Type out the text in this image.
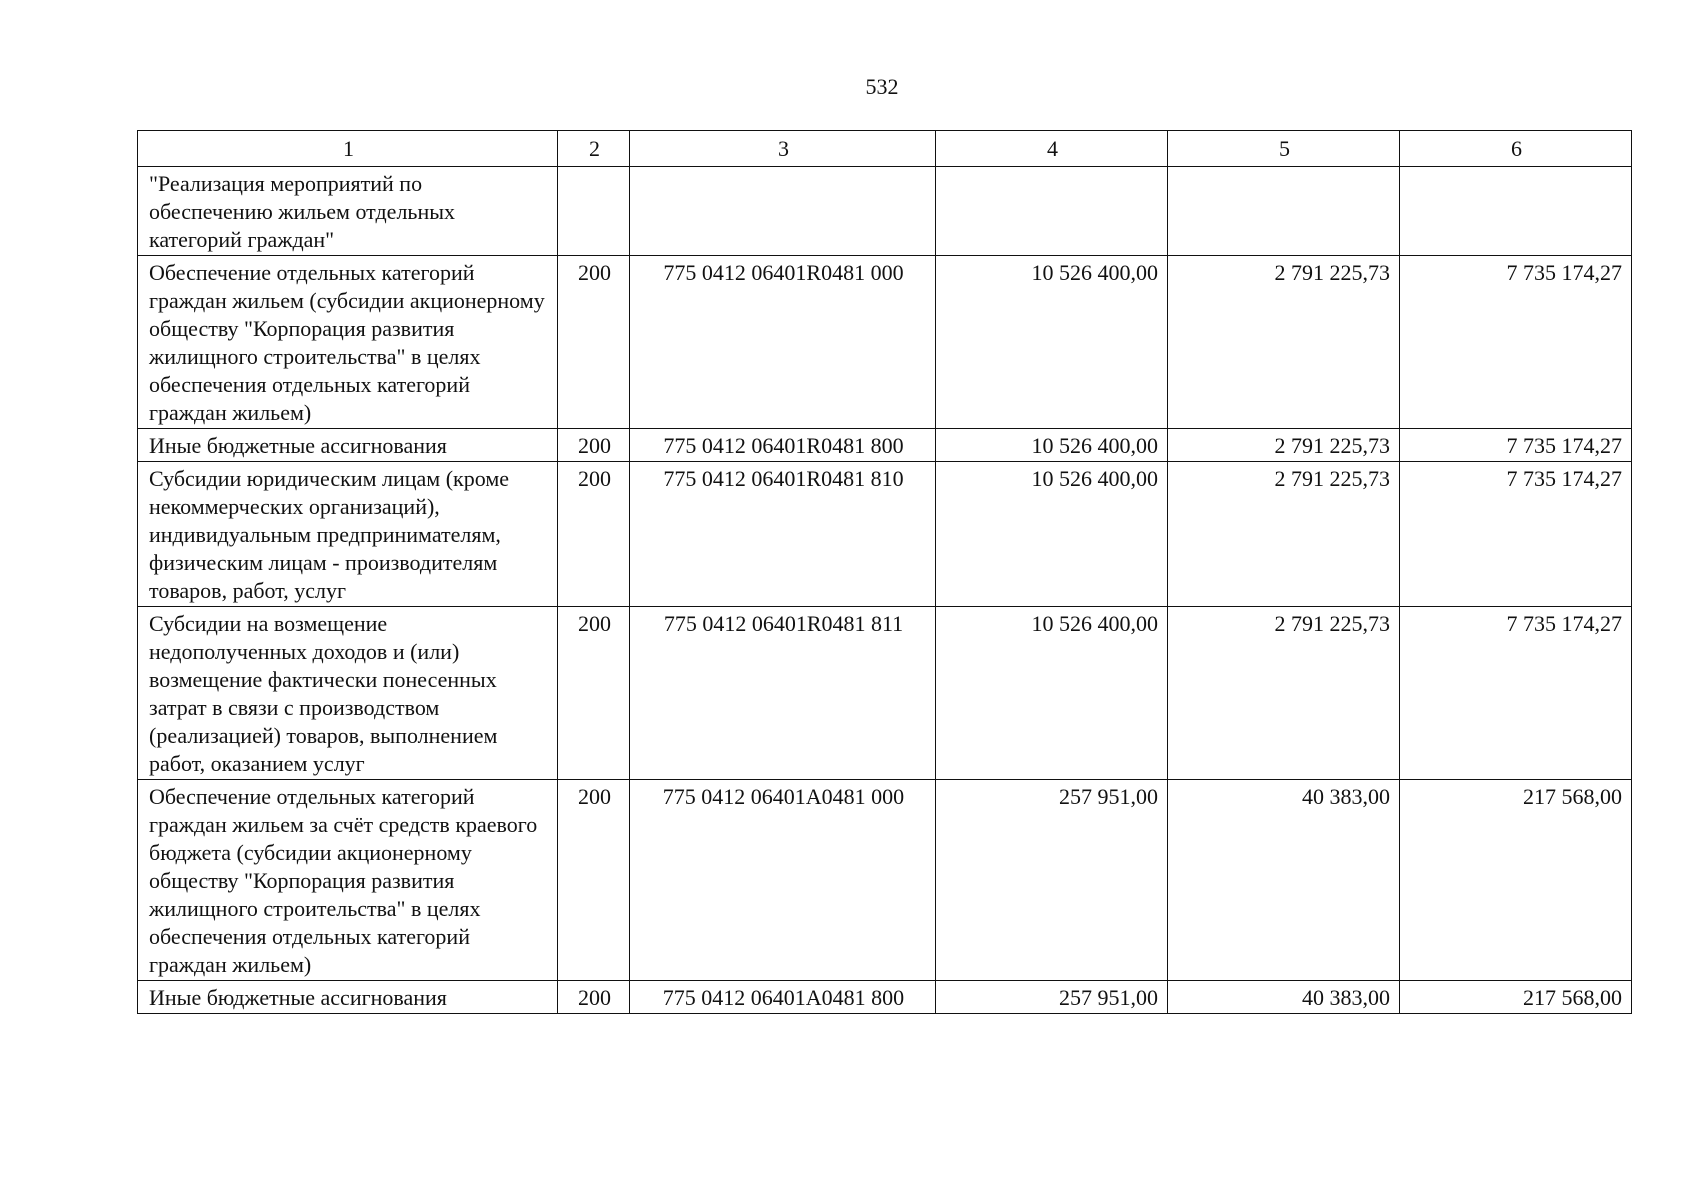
532
1	2	3	4	5	6
"Реализация мероприятий по обеспечению жильем отдельных категорий граждан"					
Обеспечение отдельных категорий граждан жильем (субсидии акционерному обществу "Корпорация развития жилищного строительства" в целях обеспечения отдельных категорий граждан жильем)	200	775 0412 06401R0481 000	10 526 400,00	2 791 225,73	7 735 174,27
Иные бюджетные ассигнования	200	775 0412 06401R0481 800	10 526 400,00	2 791 225,73	7 735 174,27
Субсидии юридическим лицам (кроме некоммерческих организаций), индивидуальным предпринимателям, физическим лицам - производителям товаров, работ, услуг	200	775 0412 06401R0481 810	10 526 400,00	2 791 225,73	7 735 174,27
Субсидии на возмещение недополученных доходов и (или) возмещение фактически понесенных затрат в связи с производством (реализацией) товаров, выполнением работ, оказанием услуг	200	775 0412 06401R0481 811	10 526 400,00	2 791 225,73	7 735 174,27
Обеспечение отдельных категорий граждан жильем за счёт средств краевого бюджета (субсидии акционерному обществу "Корпорация развития жилищного строительства" в целях обеспечения отдельных категорий граждан жильем)	200	775 0412 06401A0481 000	257 951,00	40 383,00	217 568,00
Иные бюджетные ассигнования	200	775 0412 06401A0481 800	257 951,00	40 383,00	217 568,00
